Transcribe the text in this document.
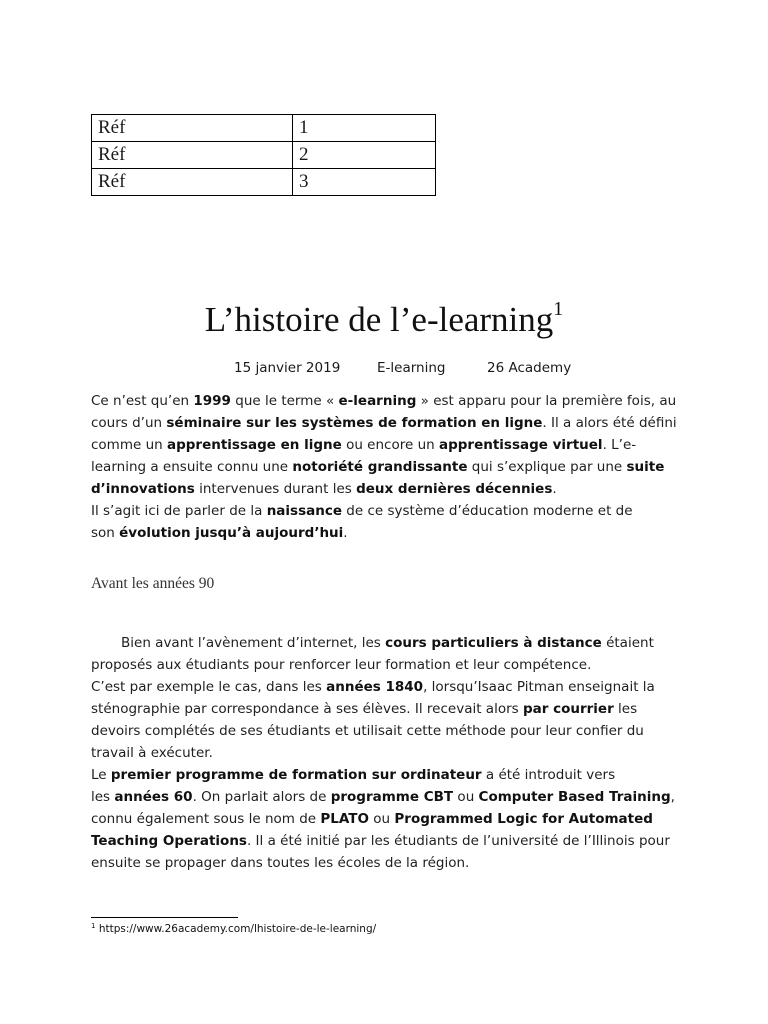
Réf	1
Réf	2
Réf	3
L’histoire de l’e-learning$^1$
15 janvier 2019	E-learning	26 Academy

Ce n’est qu’en 1999 que le terme « e-learning » est apparu pour la première fois, au
cours d’un séminaire sur les systèmes de formation en ligne. Il a alors été défini
comme un apprentissage en ligne ou encore un apprentissage virtuel. L’e-
learning a ensuite connu une notoriété grandissante qui s’explique par une suite
d’innovations intervenues durant les deux dernières décennies.
Il s’agit ici de parler de la naissance de ce système d’éducation moderne et de
son évolution jusqu’à aujourd’hui.

Avant les années 90

Bien avant l’avènement d’internet, les cours particuliers à distance étaient
proposés aux étudiants pour renforcer leur formation et leur compétence.
C’est par exemple le cas, dans les années 1840, lorsqu’Isaac Pitman enseignait la
sténographie par correspondance à ses élèves. Il recevait alors par courrier les
devoirs complétés de ses étudiants et utilisait cette méthode pour leur confier du
travail à exécuter.
Le premier programme de formation sur ordinateur a été introduit vers
les années 60. On parlait alors de programme CBT ou Computer Based Training,
connu également sous le nom de PLATO ou Programmed Logic for Automated
Teaching Operations. Il a été initié par les étudiants de l’université de l’Illinois pour
ensuite se propager dans toutes les écoles de la région.

$^1$ https://www.26academy.com/lhistoire-de-le-learning/
